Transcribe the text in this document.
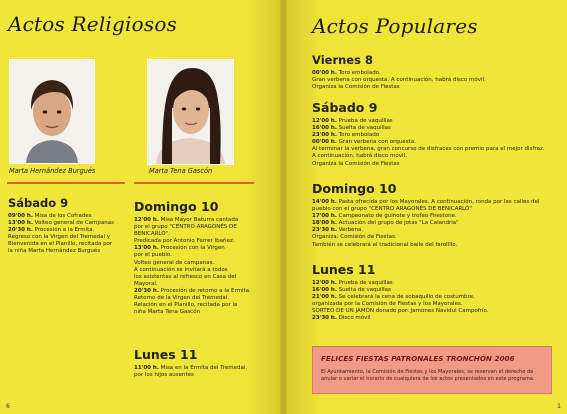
Actos Religiosos
Marta Hernández Burgués	Marta Tena Gascón
Sábado 9

09'00 h. Misa de los Cofrades
13'00 h. Volteo general de Campanas
20'30 h. Procesión a la Ermita.
Regreso con la Virgen del Tremedal y
Bienvenida en el Planillo, recitada por
la niña Marta Hernández Burgués

Domingo 10

12'00 h. Misa Mayor Baturra cantada
por el grupo "CENTRO ARAGONÉS DE
BENICARLÓ".
Predicada por Antonio Ferrer Ibañez.
13'00 h. Procesión con la Virgen
por el pueblo.
Volteo general de campanas.
A continuación se invitará a todos
los asistentes al refresco en Casa del
Mayoral.
20'30 h. Procesión de retorno a la Ermita.
Retorno de la Virgen del Tremedal.
Relación en el Planillo, recitada por la
niña Marta Tena Gascón

Lunes 11

11'00 h. Misa en la Ermita del Tremedal,
por los hijos ausentes

6
Actos Populares
Viernes 8

00'00 h. Toro embolado.
Gran verbena con orquesta. A continuación, habrá disco móvil.
Organiza la Comisión de Fiestas

Sábado 9

12'00 h. Prueba de vaquillas
16'00 h. Suelta de vaquillas
23'00 h. Toro embolado
00'00 h. Gran verbena con orquesta.
Al terminar la verbena, gran concurso de disfraces con premio para el mejor disfraz.
A continuación, habrá disco móvil.
Organiza la Comisión de Fiestas

Domingo 10

14'00 h. Pasta ofrecida por los Mayorales. A continuación, ronda por las calles del
pueblo con el grupo "CENTRO ARAGONÉS DE BENICARLÓ"
17'00 h. Campeonato de guiñote y trofeo Firestone.
18'00 h. Actuación del grupo de jotas "La Calandria"
23'30 h. Verbena.
Organiza: Comisión de Fiestas.
También se celebrará el tradicional baile del farolillo.

Lunes 11

12'00 h. Prueba de vaquillas
16'00 h. Suelta de vaquillas
21'00 h. Se celebrará la cena de sobaquillo de costumbre,
organizada por la Comisión de Fiestas y los Mayorales.
SORTEO DE UN JAMÓN donado por: Jamones Navidul Campofrío.
23'30 h. Disco móvil

1
FELICES FIESTAS PATRONALES TRONCHÓN 2006
El Ayuntamiento, la Comisión de Fiestas y los Mayorales, se reservan el derecho de anular o variar el horario de cualquiera de los actos presentados en este programa.
